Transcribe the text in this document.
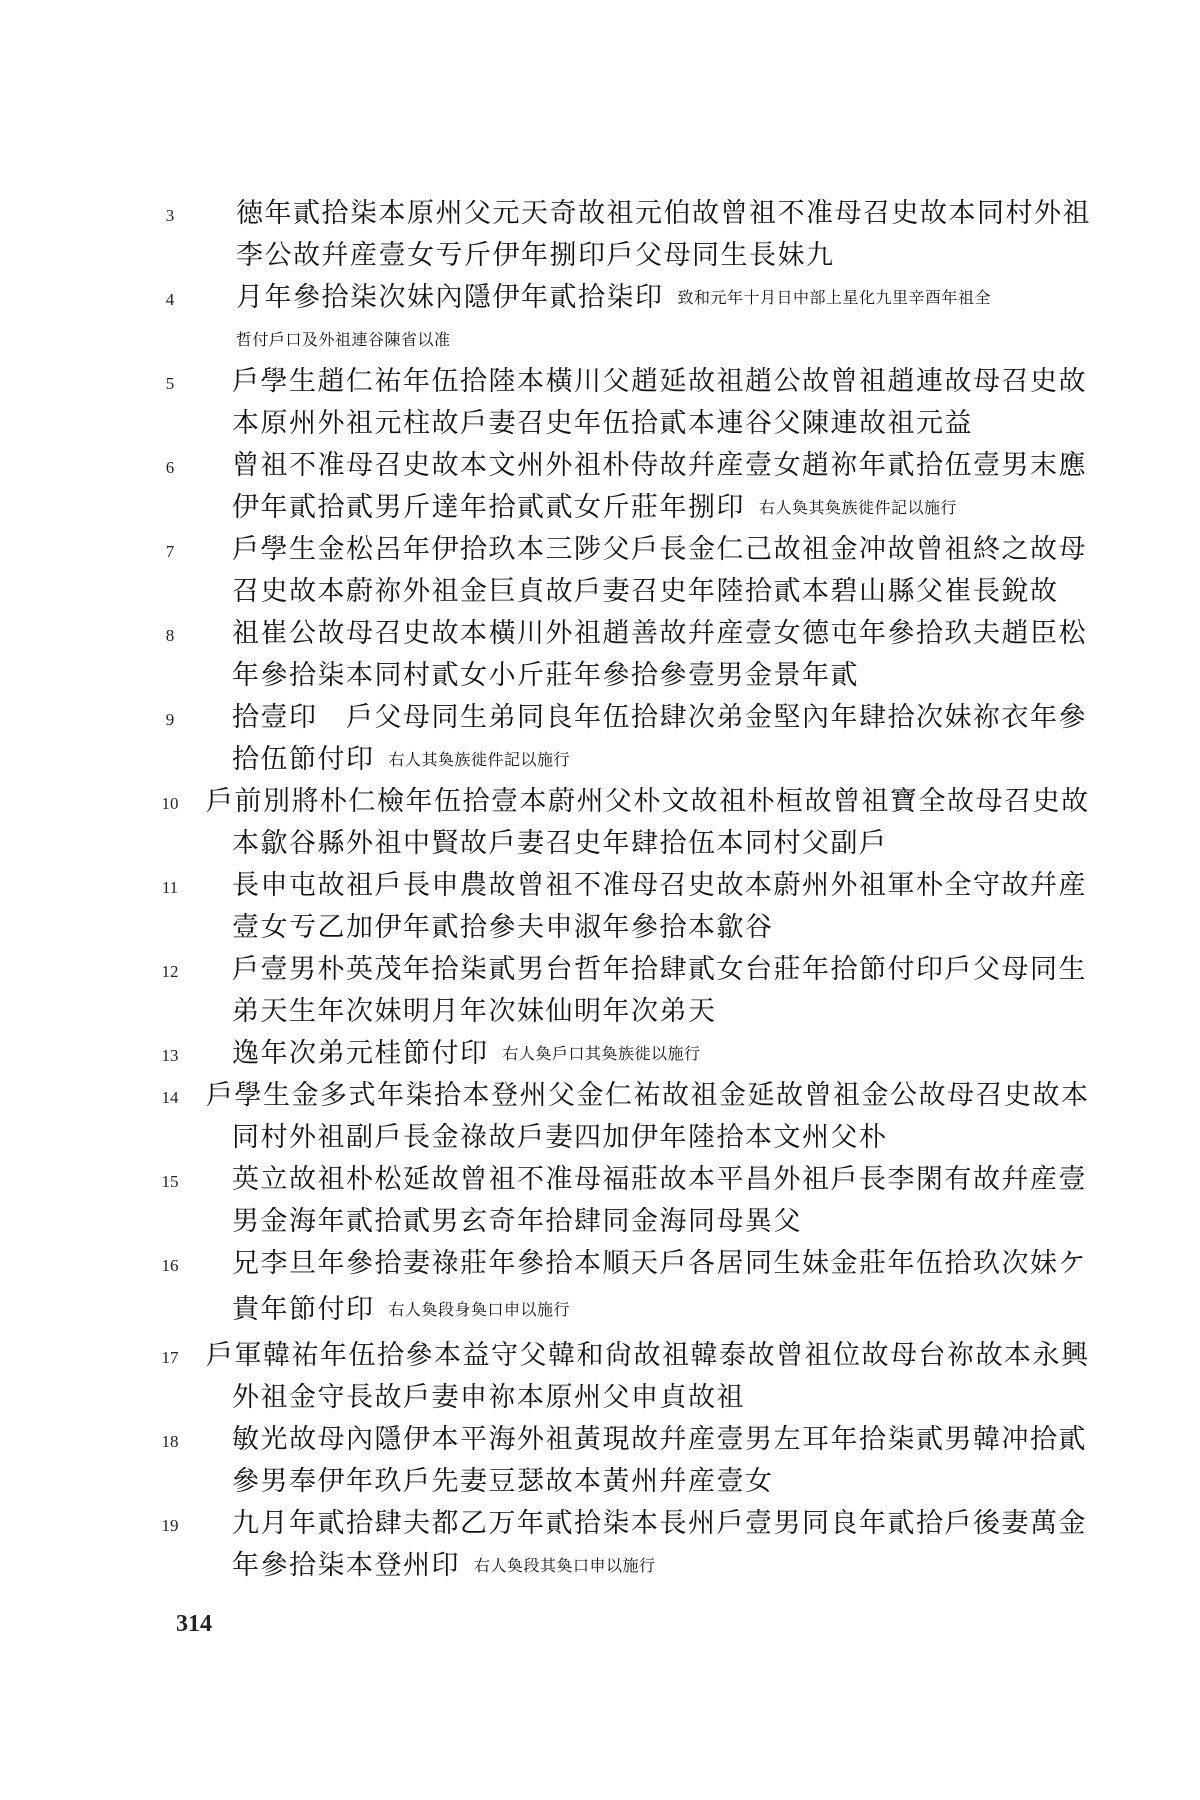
3	徳年貳拾柒本原州父元天奇故祖元伯故曾祖不准母召史故本同村外祖
李公故幷産壹女亐斤伊年捌印戶父母同生長妹九
4	月年參拾柒次妹內隱伊年貳拾柒印 致和元年十月日中部上星化九里辛酉年祖全
哲付戶口及外祖連谷陳省以准
5	戶學生趙仁祐年伍拾陸本橫川父趙延故祖趙公故曾祖趙連故母召史故
本原州外祖元柱故戶妻召史年伍拾貳本連谷父陳連故祖元益
6	曾祖不准母召史故本文州外祖朴侍故幷産壹女趙祢年貳拾伍壹男末應
伊年貳拾貳男斤達年拾貳貳女斤莊年捌印 右人奐其奐族徙件記以施行
7	戶學生金松呂年伊拾玖本三陟父戶長金仁己故祖金冲故曾祖終之故母
召史故本蔚祢外祖金巨貞故戶妻召史年陸拾貳本碧山縣父崔長銳故
8	祖崔公故母召史故本橫川外祖趙善故幷産壹女德屯年參拾玖夫趙臣松
年參拾柒本同村貳女小斤莊年參拾參壹男金景年貳
9	拾壹印　戶父母同生弟同良年伍拾肆次弟金堅內年肆拾次妹祢衣年參
拾伍節付印 右人其奐族徙件記以施行
10	戶前別將朴仁檢年伍拾壹本蔚州父朴文故祖朴桓故曾祖寶全故母召史故
本歙谷縣外祖中賢故戶妻召史年肆拾伍本同村父副戶
11	長申屯故祖戶長申農故曾祖不准母召史故本蔚州外祖軍朴全守故幷産
壹女亐乙加伊年貳拾參夫申淑年參拾本歙谷
12	戶壹男朴英茂年拾柒貳男台哲年拾肆貳女台莊年拾節付印戶父母同生
弟天生年次妹明月年次妹仙明年次弟天
13	逸年次弟元桂節付印 右人奐戶口其奐族徙以施行
14	戶學生金多式年柒拾本登州父金仁祐故祖金延故曾祖金公故母召史故本
同村外祖副戶長金祿故戶妻四加伊年陸拾本文州父朴
15	英立故祖朴松延故曾祖不准母福莊故本平昌外祖戶長李閑有故幷産壹
男金海年貳拾貳男玄奇年拾肆同金海同母異父
16	兄李旦年參拾妻祿莊年參拾本順天戶各居同生妹金莊年伍拾玖次妹ケ
貴年節付印 右人奐段身奐口申以施行
17	戶軍韓祐年伍拾參本益守父韓和尙故祖韓泰故曾祖位故母台祢故本永興
外祖金守長故戶妻申祢本原州父申貞故祖
18	敏光故母內隱伊本平海外祖黃現故幷産壹男左耳年拾柒貳男韓冲拾貳
參男奉伊年玖戶先妻豆瑟故本黃州幷産壹女
19	九月年貳拾肆夫都乙万年貳拾柒本長州戶壹男同良年貳拾戶後妻萬金
年參拾柒本登州印 右人奐段其奐口申以施行
314
